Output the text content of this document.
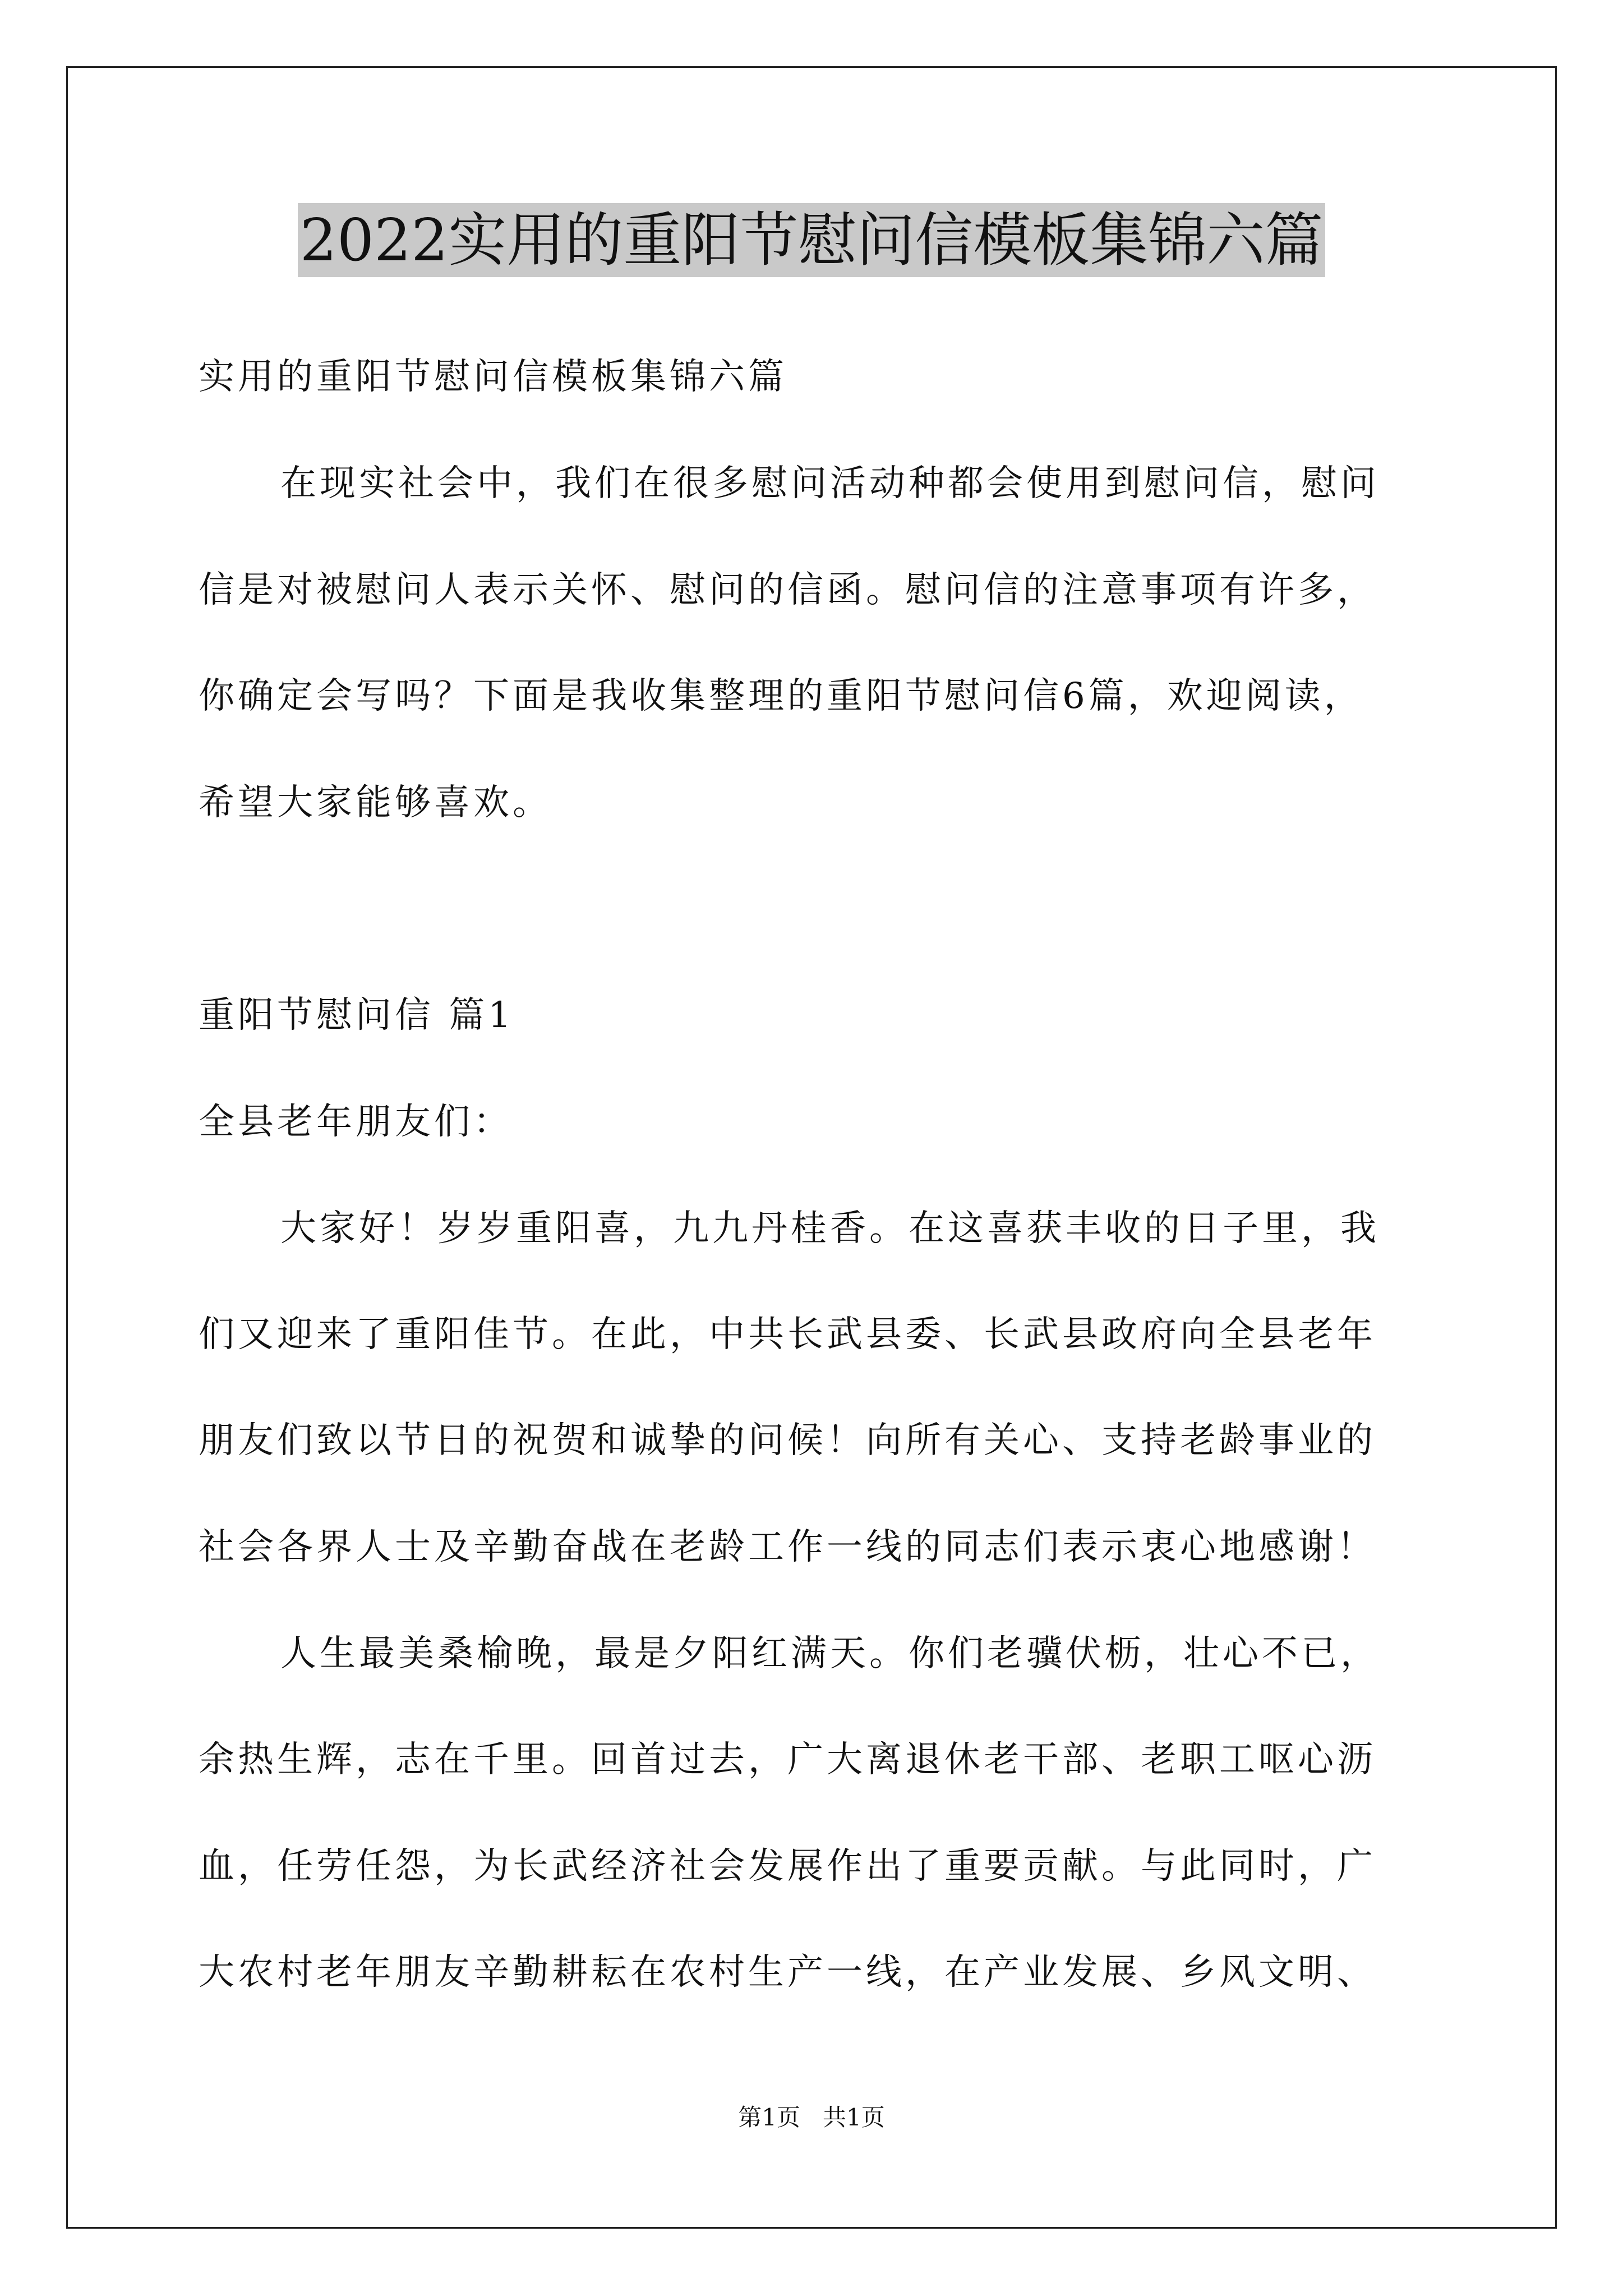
2022实用的重阳节慰问信模板集锦六篇
实用的重阳节慰问信模板集锦六篇
在现实社会中，我们在很多慰问活动种都会使用到慰问信，慰问
信是对被慰问人表示关怀、慰问的信函。慰问信的注意事项有许多，
你确定会写吗？下面是我收集整理的重阳节慰问信6篇，欢迎阅读，
希望大家能够喜欢。
重阳节慰问信 篇1
全县老年朋友们：
大家好！岁岁重阳喜，九九丹桂香。在这喜获丰收的日子里，我
们又迎来了重阳佳节。在此，中共长武县委、长武县政府向全县老年
朋友们致以节日的祝贺和诚挚的问候！向所有关心、支持老龄事业的
社会各界人士及辛勤奋战在老龄工作一线的同志们表示衷心地感谢！
人生最美桑榆晚，最是夕阳红满天。你们老骥伏枥，壮心不已，
余热生辉，志在千里。回首过去，广大离退休老干部、老职工呕心沥
血，任劳任怨，为长武经济社会发展作出了重要贡献。与此同时，广
大农村老年朋友辛勤耕耘在农村生产一线，在产业发展、乡风文明、
第1页   共1页
